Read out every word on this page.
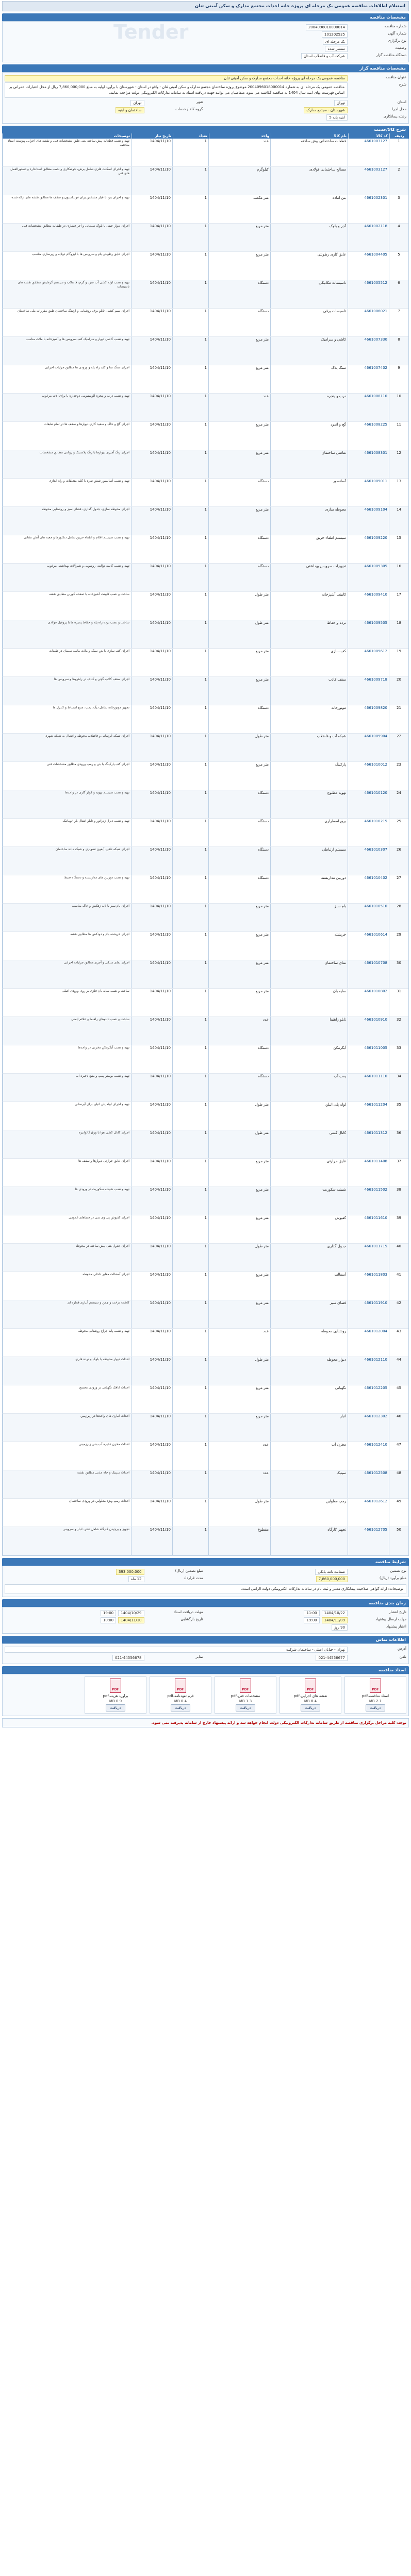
استعلام اطلاعات مناقصه عمومی یک مرحله ای پروژه خانه احداث مجتمع مدارک و سکن آمیتی ثنان
مشخصات مناقصه
شماره مناقصه
2004096018000014
شماره آگهی
101202525
نوع برگزاری
یک مرحله ای
وضعیت
منتشر شده
دستگاه مناقصه گزار
شرکت آب و فاضلاب استان
مشخصات مناقصه گزار
عنوان مناقصه
مناقصه عمومی یک مرحله ای پروژه خانه احداث مجتمع مدارک و سکن آمیتی ثنان
شرح
مناقصه عمومی یک مرحله ای به شماره 2004096018000014 موضوع پروژه ساختمان مجتمع مدارک و سکن آمیتی ثنان - واقع در استان - شهرستان با برآورد اولیه به مبلغ 7,860,000,000 ریال از محل اعتبارات عمرانی بر اساس فهرست بهای ابنیه سال 1404 به مناقصه گذاشته می شود. متقاضیان می توانند جهت دریافت اسناد به سامانه تدارکات الکترونیکی دولت مراجعه نمایند.
استان
تهران
محل اجرا
شهرستان - مجتمع مدارک
رشته پیمانکاری
ابنیه پایه 5
شهر
تهران
گروه کالا / خدمات
ساختمان و ابنیه
شرح کالا/خدمت
ردیف
کد کالا
نام کالا
واحد
تعداد
تاریخ نیاز
توضیحات
1
4661003127
قطعات ساختمانی پیش ساخته
عدد
1
1404/11/10
تهیه و نصب قطعات پیش ساخته بتنی طبق مشخصات فنی و نقشه های اجرایی پیوست اسناد مناقصه
2
4661003127
مصالح ساختمانی فولادی
کیلوگرم
1
1404/11/10
تهیه و اجرای اسکلت فلزی شامل برش، جوشکاری و نصب مطابق استاندارد و دستورالعمل های فنی
3
4661002301
بتن آماده
متر مکعب
1
1404/11/10
تهیه و اجرای بتن با عیار مشخص برای فونداسیون و سقف ها مطابق نقشه های ارائه شده
4
4661002118
آجر و بلوک
متر مربع
1
1404/11/10
اجرای دیوار چینی با بلوک سیمانی و آجر فشاری در طبقات مطابق مشخصات فنی
5
4661004405
عایق کاری رطوبتی
متر مربع
1
1404/11/10
اجرای عایق رطوبتی بام و سرویس ها با ایزوگام دولایه و زیرسازی مناسب
6
4661005512
تاسیسات مکانیکی
دستگاه
1
1404/11/10
تهیه و نصب لوله کشی آب سرد و گرم، فاضلاب و سیستم گرمایش مطابق نقشه های تاسیسات
7
4661006021
تاسیسات برقی
دستگاه
1
1404/11/10
اجرای سیم کشی، تابلو برق، روشنایی و ارتینگ ساختمان طبق مقررات ملی ساختمان
8
4661007330
کاشی و سرامیک
متر مربع
1
1404/11/10
تهیه و نصب کاشی دیوار و سرامیک کف سرویس ها و آشپزخانه با ملات مناسب
9
4661007402
سنگ پلاک
متر مربع
1
1404/11/10
اجرای سنگ نما و کف راه پله و ورودی ها مطابق جزئیات اجرایی
10
4661008110
درب و پنجره
عدد
1
1404/11/10
تهیه و نصب درب و پنجره آلومینیومی دوجداره با یراق آلات مرغوب
11
4661008225
گچ و اندود
متر مربع
1
1404/11/10
اجرای گچ و خاک و سفید کاری دیوارها و سقف ها در تمام طبقات
12
4661008301
نقاشی ساختمان
متر مربع
1
1404/11/10
اجرای رنگ آمیزی دیوارها با رنگ پلاستیک و روغنی مطابق مشخصات
13
4661009011
آسانسور
دستگاه
1
1404/11/10
تهیه و نصب آسانسور شش نفره با کلیه متعلقات و راه اندازی
14
4661009104
محوطه سازی
متر مربع
1
1404/11/10
اجرای محوطه سازی، جدول گذاری، فضای سبز و روشنایی محوطه
15
4661009220
سیستم اطفاء حریق
دستگاه
1
1404/11/10
تهیه و نصب سیستم اعلام و اطفاء حریق شامل دتکتورها و جعبه های آتش نشانی
16
4661009305
تجهیزات سرویس بهداشتی
دستگاه
1
1404/11/10
تهیه و نصب کاسه توالت، روشویی و شیرآلات بهداشتی مرغوب
17
4661009410
کابینت آشپزخانه
متر طول
1
1404/11/10
ساخت و نصب کابینت آشپزخانه با صفحه کورین مطابق نقشه
18
4661009505
نرده و حفاظ
متر طول
1
1404/11/10
ساخت و نصب نرده راه پله و حفاظ پنجره ها با پروفیل فولادی
19
4661009612
کف سازی
متر مربع
1
1404/11/10
اجرای کف سازی با بتن سبک و ملات ماسه سیمان در طبقات
20
4661009718
سقف کاذب
متر مربع
1
1404/11/10
اجرای سقف کاذب گچی و کناف در راهروها و سرویس ها
21
4661009820
موتورخانه
دستگاه
1
1404/11/10
تجهیز موتورخانه شامل دیگ، پمپ، منبع انبساط و کنترل ها
22
4661009904
شبکه آب و فاضلاب
متر طول
1
1404/11/10
اجرای شبکه آبرسانی و فاضلاب محوطه و اتصال به شبکه شهری
23
4661010012
پارکینگ
متر مربع
1
1404/11/10
اجرای کف پارکینگ با بتن و رمپ ورودی مطابق مشخصات فنی
24
4661010120
تهویه مطبوع
دستگاه
1
1404/11/10
تهیه و نصب سیستم تهویه و کولر گازی در واحدها
25
4661010215
برق اضطراری
دستگاه
1
1404/11/10
تهیه و نصب دیزل ژنراتور و تابلو انتقال بار اتوماتیک
26
4661010307
سیستم ارتباطی
دستگاه
1
1404/11/10
اجرای شبکه تلفن، آیفون تصویری و شبکه داده ساختمان
27
4661010402
دوربین مداربسته
دستگاه
1
1404/11/10
تهیه و نصب دوربین های مداربسته و دستگاه ضبط
28
4661010510
بام سبز
متر مربع
1
1404/11/10
اجرای بام سبز با لایه زهکش و خاک مناسب
29
4661010614
خرپشته
متر مربع
1
1404/11/10
اجرای خرپشته بام و دودکش ها مطابق نقشه
30
4661010708
نمای ساختمان
متر مربع
1
1404/11/10
اجرای نمای سنگی و آجری مطابق جزئیات اجرایی
31
4661010802
سایه بان
متر مربع
1
1404/11/10
ساخت و نصب سایه بان فلزی بر روی ورودی اصلی
32
4661010910
تابلو راهنما
عدد
1
1404/11/10
ساخت و نصب تابلوهای راهنما و علائم ایمنی
33
4661011005
آبگرمکن
دستگاه
1
1404/11/10
تهیه و نصب آبگرمکن مخزنی در واحدها
34
4661011110
پمپ آب
دستگاه
1
1404/11/10
تهیه و نصب بوستر پمپ و منبع ذخیره آب
35
4661011204
لوله پلی اتیلن
متر طول
1
1404/11/10
تهیه و اجرای لوله پلی اتیلن برای آبرسانی
36
4661011312
کانال کشی
متر طول
1
1404/11/10
اجرای کانال کشی هوا با ورق گالوانیزه
37
4661011408
عایق حرارتی
متر مربع
1
1404/11/10
اجرای عایق حرارتی دیوارها و سقف ها
38
4661011502
شیشه سکوریت
متر مربع
1
1404/11/10
تهیه و نصب شیشه سکوریت در ورودی ها
39
4661011610
کفپوش
متر مربع
1
1404/11/10
اجرای کفپوش پی وی سی در فضاهای عمومی
40
4661011715
جدول گذاری
متر طول
1
1404/11/10
اجرای جدول بتنی پیش ساخته در محوطه
41
4661011803
آسفالت
متر مربع
1
1404/11/10
اجرای آسفالت معابر داخلی محوطه
42
4661011910
فضای سبز
متر مربع
1
1404/11/10
کاشت درخت و چمن و سیستم آبیاری قطره ای
43
4661012004
روشنایی محوطه
عدد
1
1404/11/10
تهیه و نصب پایه چراغ روشنایی محوطه
44
4661012110
دیوار محوطه
متر طول
1
1404/11/10
احداث دیوار محوطه با بلوک و نرده فلزی
45
4661012205
نگهبانی
متر مربع
1
1404/11/10
احداث اتاقک نگهبانی در ورودی مجتمع
46
4661012302
انبار
متر مربع
1
1404/11/10
احداث انباری های واحدها در زیرزمین
47
4661012410
مخزن آب
عدد
1
1404/11/10
احداث مخزن ذخیره آب بتنی زیرزمینی
48
4661012508
سپتیک
عدد
1
1404/11/10
احداث سپتیک و چاه جذبی مطابق نقشه
49
4661012612
رمپ معلولین
متر طول
1
1404/11/10
احداث رمپ ویژه معلولین در ورودی ساختمان
50
4661012705
تجهیز کارگاه
مقطوع
1
1404/11/10
تجهیز و برچیدن کارگاه شامل دفتر، انبار و سرویس
شرایط مناقصه
نوع تضمین
ضمانت نامه بانکی
مبلغ برآورد (ریال)
7,860,000,000
مبلغ تضمین (ریال)
393,000,000
مدت قرارداد
12 ماه
توضیحات: ارائه گواهی صلاحیت پیمانکاری معتبر و ثبت نام در سامانه تدارکات الکترونیکی دولت الزامی است.
زمان بندی مناقصه
تاریخ انتشار
1404/10/22
11:00
مهلت ارسال پیشنهاد
1404/11/09
19:00
اعتبار پیشنهاد
90 روز
مهلت دریافت اسناد
1404/10/29
19:00
تاریخ بازگشایی
1404/11/10
10:00
اطلاعات تماس
آدرس
تهران - خیابان اصلی - ساختمان شرکت
تلفن
021-44556677
نمابر
021-44556678
اسناد مناقصه
PDF
اسناد مناقصه.pdf
2.1 MB
دریافت
PDF
نقشه های اجرایی.pdf
8.4 MB
دریافت
PDF
مشخصات فنی.pdf
1.3 MB
دریافت
PDF
فرم تعهدنامه.pdf
0.4 MB
دریافت
PDF
برآورد هزینه.pdf
0.9 MB
دریافت
توجه: کلیه مراحل برگزاری مناقصه از طریق سامانه تدارکات الکترونیکی دولت انجام خواهد شد و ارائه پیشنهاد خارج از سامانه پذیرفته نمی شود.
